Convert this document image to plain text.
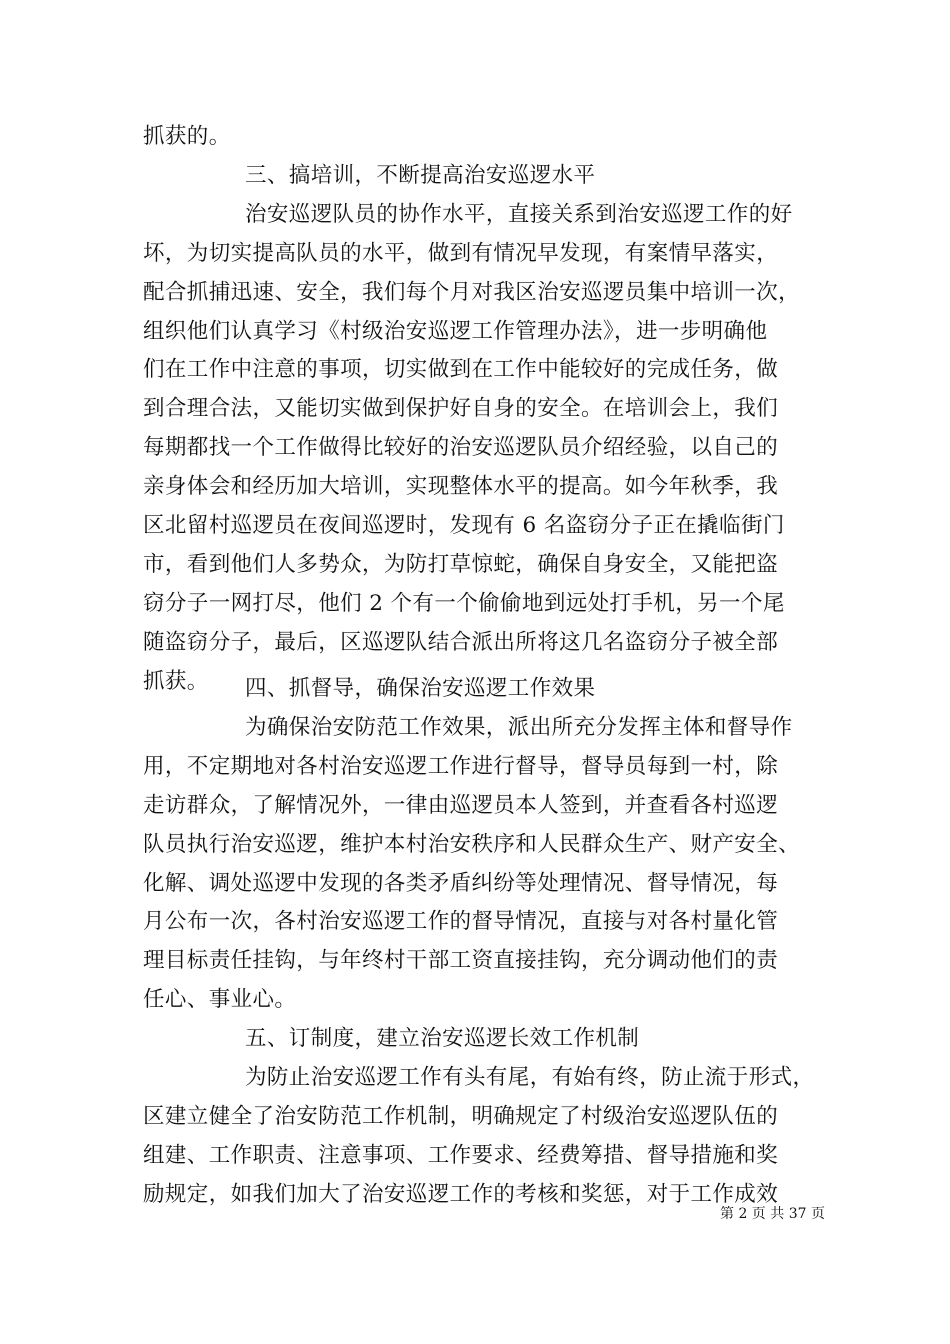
抓获的。
三、搞培训，不断提高治安巡逻水平
治安巡逻队员的协作水平，直接关系到治安巡逻工作的好
坏，为切实提高队员的水平，做到有情况早发现，有案情早落实，
配合抓捕迅速、安全，我们每个月对我区治安巡逻员集中培训一次，
组织他们认真学习《村级治安巡逻工作管理办法》，进一步明确他
们在工作中注意的事项，切实做到在工作中能较好的完成任务，做
到合理合法，又能切实做到保护好自身的安全。在培训会上，我们
每期都找一个工作做得比较好的治安巡逻队员介绍经验，以自己的
亲身体会和经历加大培训，实现整体水平的提高。如今年秋季，我
区北留村巡逻员在夜间巡逻时，发现有 6 名盗窃分子正在撬临街门
市，看到他们人多势众，为防打草惊蛇，确保自身安全，又能把盗
窃分子一网打尽，他们 2 个有一个偷偷地到远处打手机，另一个尾
随盗窃分子，最后，区巡逻队结合派出所将这几名盗窃分子被全部
抓获。 四、抓督导，确保治安巡逻工作效果
为确保治安防范工作效果，派出所充分发挥主体和督导作
用，不定期地对各村治安巡逻工作进行督导，督导员每到一村，除
走访群众，了解情况外，一律由巡逻员本人签到，并查看各村巡逻
队员执行治安巡逻，维护本村治安秩序和人民群众生产、财产安全、
化解、调处巡逻中发现的各类矛盾纠纷等处理情况、督导情况，每
月公布一次，各村治安巡逻工作的督导情况，直接与对各村量化管
理目标责任挂钩，与年终村干部工资直接挂钩，充分调动他们的责
任心、事业心。
五、订制度，建立治安巡逻长效工作机制
为防止治安巡逻工作有头有尾，有始有终，防止流于形式，
区建立健全了治安防范工作机制，明确规定了村级治安巡逻队伍的
组建、工作职责、注意事项、工作要求、经费筹措、督导措施和奖
励规定，如我们加大了治安巡逻工作的考核和奖惩，对于工作成效
第 2 页 共 37 页
